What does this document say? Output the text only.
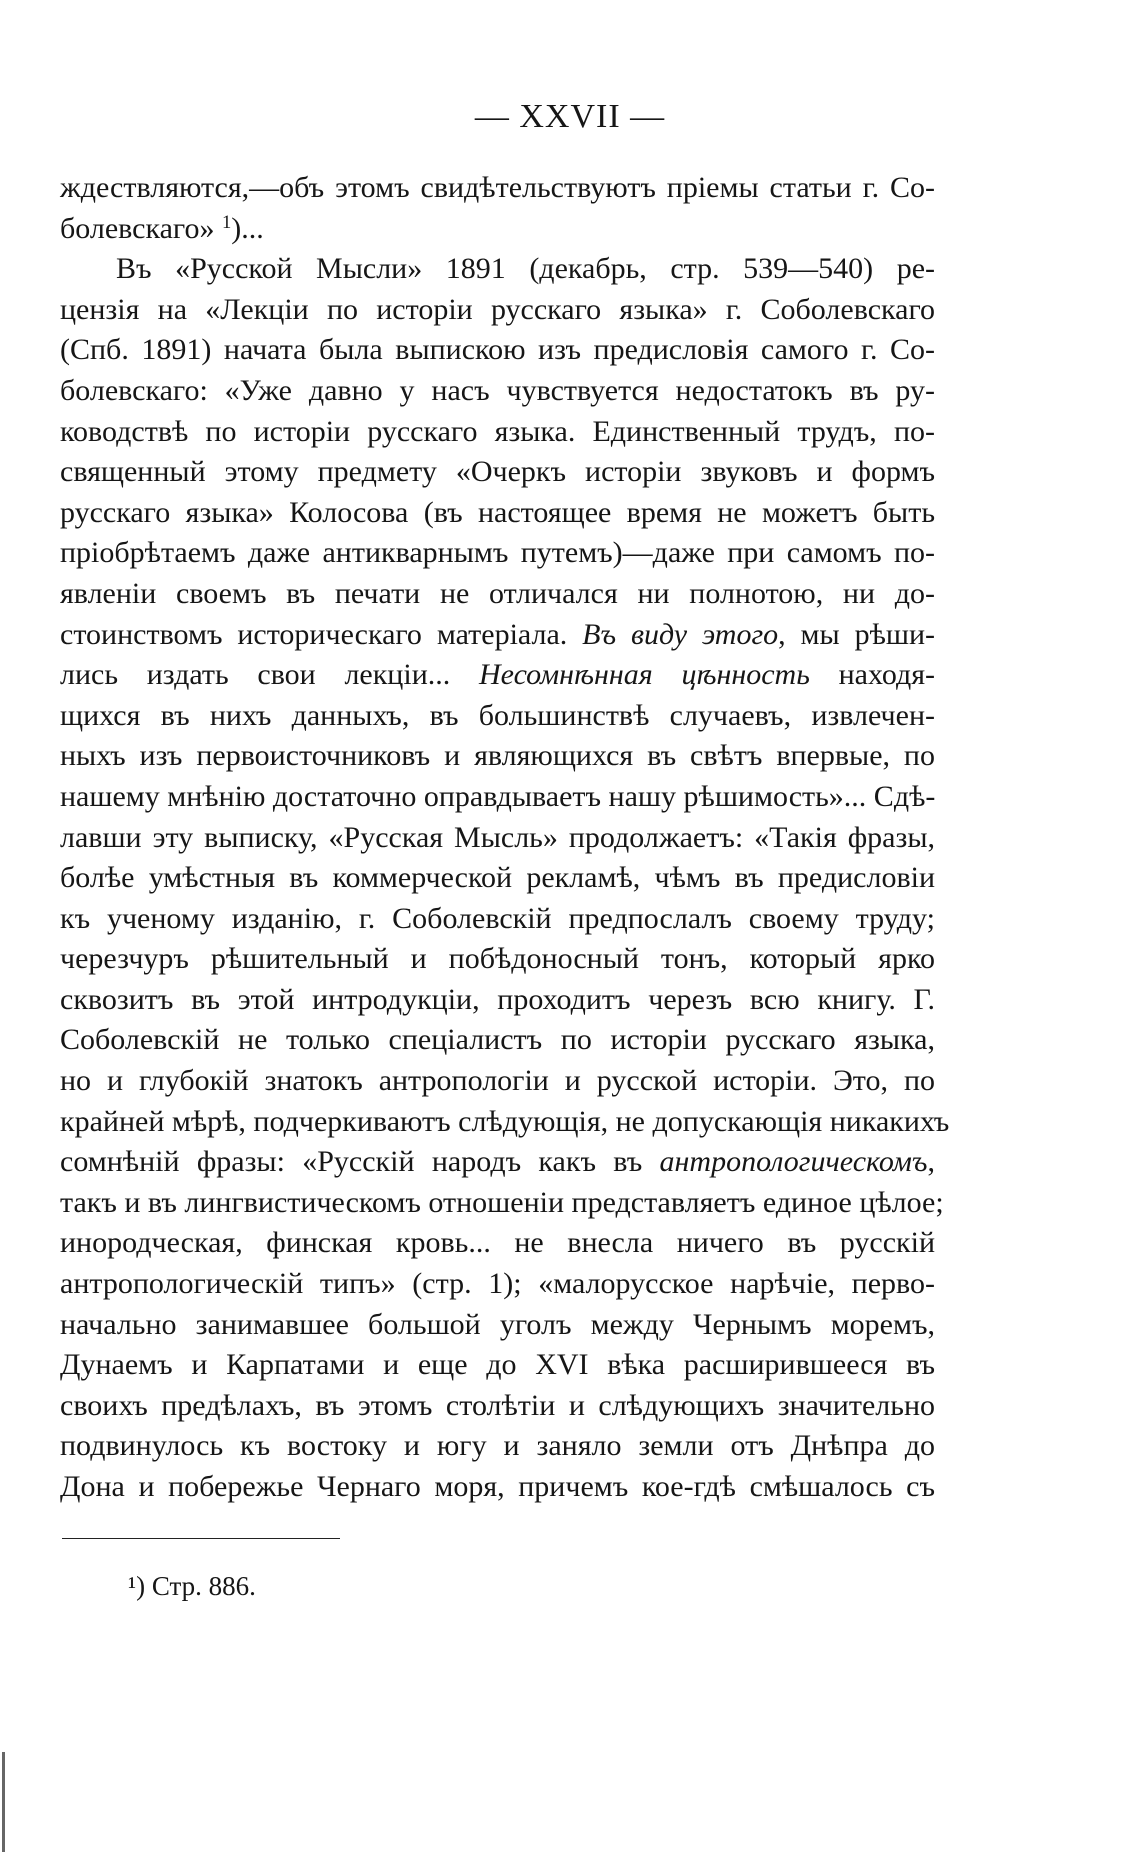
— XXVII —
ждествляются,—объ этомъ свидѣтельствуютъ пріемы статьи г. Со-
болевскаго» $^1$)...
Въ «Русской Мысли» 1891 (декабрь, стр. 539—540) ре-
цензія на «Лекціи по исторіи русскаго языка» г. Соболевскаго
(Спб. 1891) начата была выпискою изъ предисловія самого г. Со-
болевскаго: «Уже давно у насъ чувствуется недостатокъ въ ру-
ководствѣ по исторіи русскаго языка. Единственный трудъ, по-
священный этому предмету «Очеркъ исторіи звуковъ и формъ
русскаго языка» Колосова (въ настоящее время не можетъ быть
пріобрѣтаемъ даже антикварнымъ путемъ)—даже при самомъ по-
явленіи своемъ въ печати не отличался ни полнотою, ни до-
стоинствомъ историческаго матеріала. Въ виду этого, мы рѣши-
лись издать свои лекціи... Несомнѣнная цѣнность находя-
щихся въ нихъ данныхъ, въ большинствѣ случаевъ, извлечен-
ныхъ изъ первоисточниковъ и являющихся въ свѣтъ впервые, по
нашему мнѣнію достаточно оправдываетъ нашу рѣшимость»... Сдѣ-
лавши эту выписку, «Русская Мысль» продолжаетъ: «Такія фразы,
болѣе умѣстныя въ коммерческой рекламѣ, чѣмъ въ предисловіи
къ ученому изданію, г. Соболевскій предпослалъ своему труду;
черезчуръ рѣшительный и побѣдоносный тонъ, который ярко
сквозитъ въ этой интродукціи, проходитъ черезъ всю книгу. Г.
Соболевскій не только спеціалистъ по исторіи русскаго языка,
но и глубокій знатокъ антропологіи и русской исторіи. Это, по
крайней мѣрѣ, подчеркиваютъ слѣдующія, не допускающія никакихъ
сомнѣній фразы: «Русскій народъ какъ въ антропологическомъ,
такъ и въ лингвистическомъ отношеніи представляетъ единое цѣлое;
инородческая, финская кровь... не внесла ничего въ русскій
антропологическій типъ» (стр. 1); «малорусское нарѣчіе, перво-
начально занимавшее большой уголъ между Чернымъ моремъ,
Дунаемъ и Карпатами и еще до XVI вѣка расширившееся въ
своихъ предѣлахъ, въ этомъ столѣтіи и слѣдующихъ значительно
подвинулось къ востоку и югу и заняло земли отъ Днѣпра до
Дона и побережье Чернаго моря, причемъ кое-гдѣ смѣшалось съ
¹) Стр. 886.
